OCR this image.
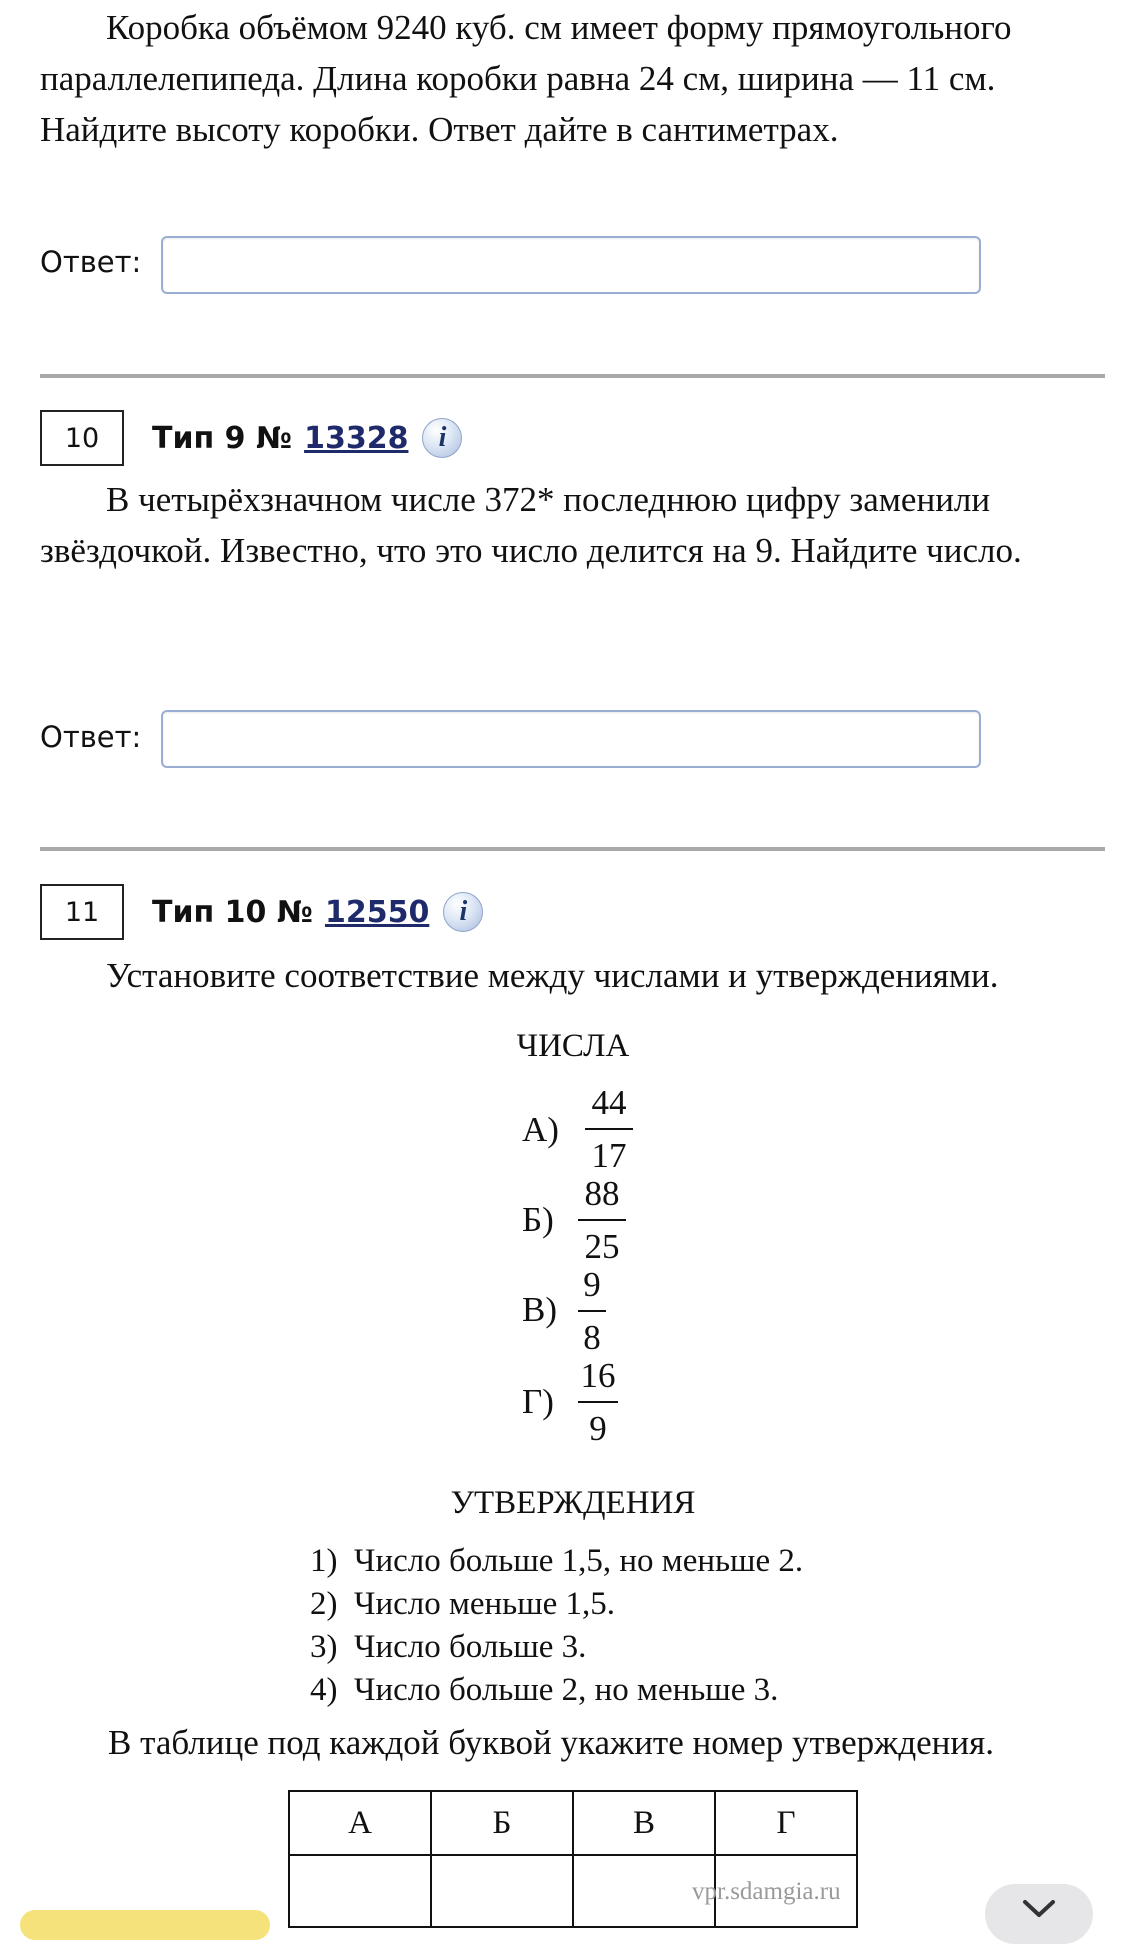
Коробка объёмом 9240 куб. см имеет форму прямоугольного параллелепипеда. Длина коробки равна 24 см, ширина — 11 см. Найдите высоту коробки. Ответ дайте в сантиметрах.

Ответ:
10	Тип 9 № 13328	i

В четырёхзначном числе 372* последнюю цифру заменили звёздочкой. Известно, что это число делится на 9. Найдите число.

Ответ:
11	Тип 10 № 12550	i

Установите соответствие между числами и утверждениями.

ЧИСЛА
А)
44
17
Б)
88
25
В)
9
8
Г)
16
9
УТВЕРЖДЕНИЯ
1) Число больше 1,5, но меньше 2.
2) Число меньше 1,5.
3) Число больше 3.
4) Число больше 2, но меньше 3.
В таблице под каждой буквой укажите номер утверждения.
А	Б	В	Г

vpr.sdamgia.ru
